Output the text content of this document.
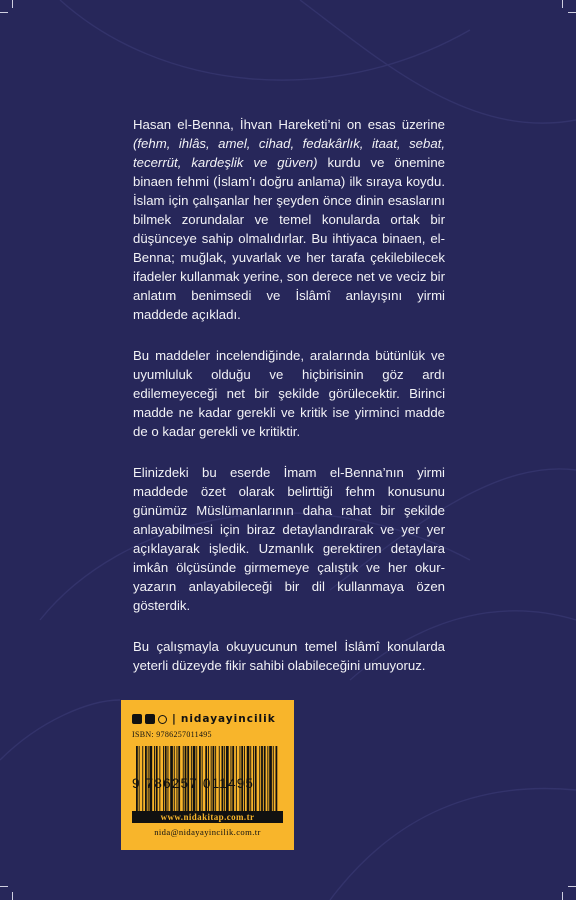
Hasan el-Benna, İhvan Hareketi’ni on esas üzerine (fehm, ihlâs, amel, cihad, fedakârlık, itaat, sebat, tecerrüt, kardeşlik ve güven) kurdu ve önemine binaen fehmi (İslam’ı doğru anlama) ilk sıraya koydu. İslam için çalışanlar her şeyden önce dinin esaslarını bilmek zorundalar ve temel konularda ortak bir düşünceye sahip olmalıdırlar. Bu ihtiyaca binaen, el-Benna; muğlak, yuvarlak ve her tarafa çekilebilecek ifadeler kullanmak yerine, son derece net ve veciz bir anlatım benimsedi ve İslâmî anlayışını yirmi maddede açıkladı.

Bu maddeler incelendiğinde, aralarında bütünlük ve uyumluluk olduğu ve hiçbirisinin göz ardı edilemeyeceği net bir şekilde görülecektir. Birinci madde ne kadar gerekli ve kritik ise yirminci madde de o kadar gerekli ve kritiktir.

Elinizdeki bu eserde İmam el-Benna’nın yirmi maddede özet olarak belirttiği fehm konusunu günümüz Müslümanlarının daha rahat bir şekilde anlayabilmesi için biraz detaylandırarak ve yer yer açıklayarak işledik. Uzmanlık gerektiren detaylara imkân ölçüsünde girmemeye çalıştık ve her okur-yazarın anlayabileceği bir dil kullanmaya özen gösterdik.

Bu çalışmayla okuyucunun temel İslâmî konularda yeterli düzeyde fikir sahibi olabileceğini umuyoruz.

| nidayayincilik
ISBN: 9786257011495
9 786257 011495
www.nidakitap.com.tr
nida@nidayayincilik.com.tr
